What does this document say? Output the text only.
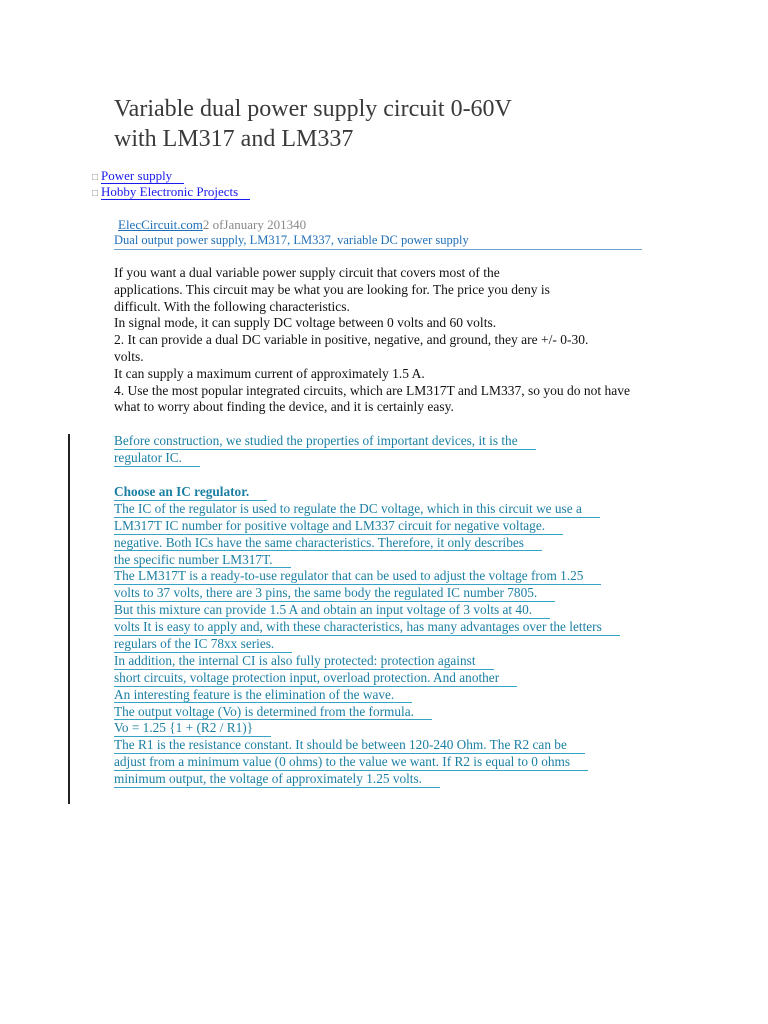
Variable dual power supply circuit 0-60V with LM317 and LM337
□ Power supply
□ Hobby Electronic Projects
ElecCircuit.com2 ofJanuary 201340
Dual output power supply, LM317, LM337, variable DC power supply
If you want a dual variable power supply circuit that covers most of the
applications. This circuit may be what you are looking for. The price you deny is
difficult. With the following characteristics.
In signal mode, it can supply DC voltage between 0 volts and 60 volts.
2. It can provide a dual DC variable in positive, negative, and ground, they are +/- 0-30.
volts.
It can supply a maximum current of approximately 1.5 A.
4. Use the most popular integrated circuits, which are LM317T and LM337, so you do not have
what to worry about finding the device, and it is certainly easy.
Before construction, we studied the properties of important devices, it is the
regulator IC.
Choose an IC regulator.
The IC of the regulator is used to regulate the DC voltage, which in this circuit we use a
LM317T IC number for positive voltage and LM337 circuit for negative voltage.
negative. Both ICs have the same characteristics. Therefore, it only describes
the specific number LM317T.
The LM317T is a ready-to-use regulator that can be used to adjust the voltage from 1.25
volts to 37 volts, there are 3 pins, the same body the regulated IC number 7805.
But this mixture can provide 1.5 A and obtain an input voltage of 3 volts at 40.
volts It is easy to apply and, with these characteristics, has many advantages over the letters
regulars of the IC 78xx series.
In addition, the internal CI is also fully protected: protection against
short circuits, voltage protection input, overload protection. And another
An interesting feature is the elimination of the wave.
The output voltage (Vo) is determined from the formula.
Vo = 1.25 {1 + (R2 / R1)}
The R1 is the resistance constant. It should be between 120-240 Ohm. The R2 can be
adjust from a minimum value (0 ohms) to the value we want. If R2 is equal to 0 ohms
minimum output, the voltage of approximately 1.25 volts.
